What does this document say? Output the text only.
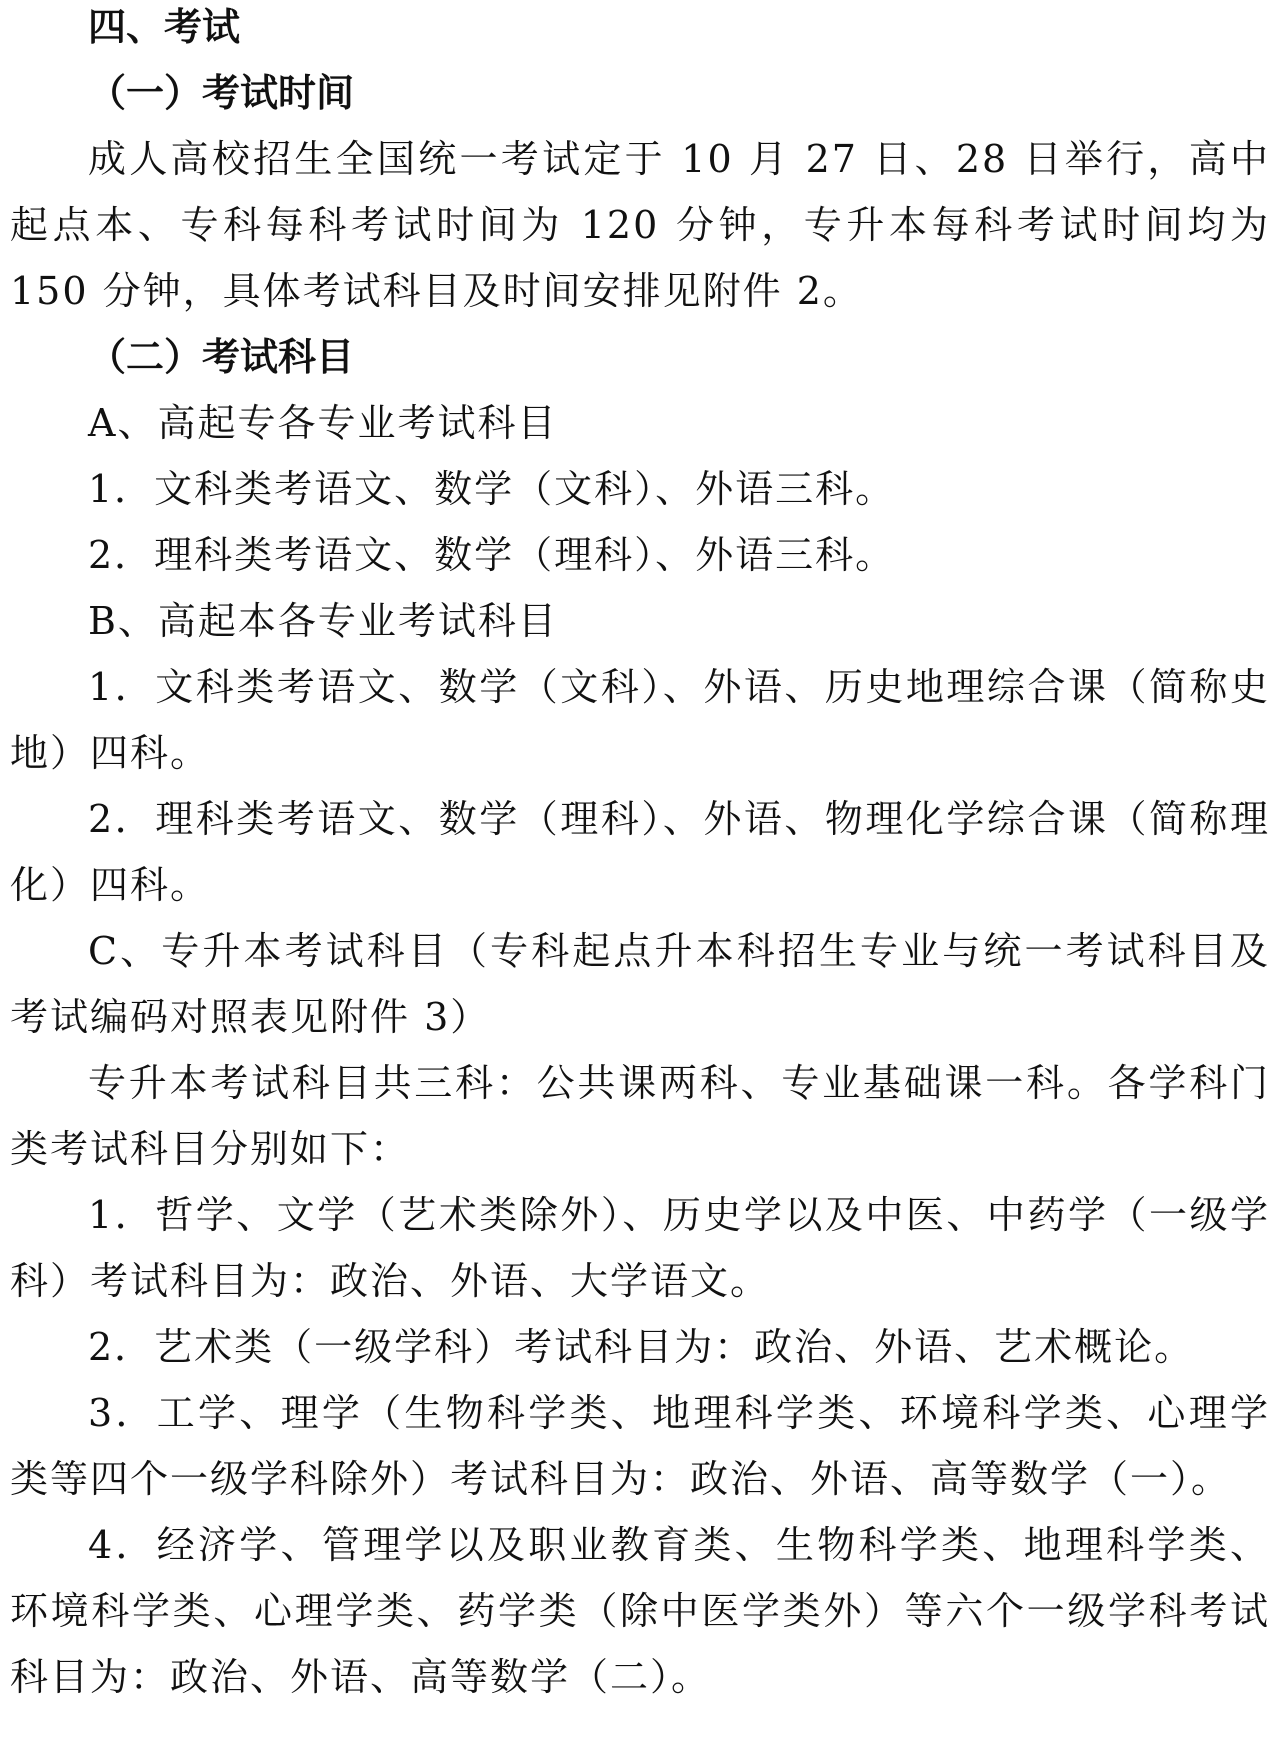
四、考试
（一）考试时间

成人高校招生全国统一考试定于 10 月 27 日、28 日举行，高中起点本、专科每科考试时间为 120 分钟，专升本每科考试时间均为 150 分钟，具体考试科目及时间安排见附件 2。

（二）考试科目

A、高起专各专业考试科目

1．文科类考语文、数学（文科）、外语三科。

2．理科类考语文、数学（理科）、外语三科。

B、高起本各专业考试科目

1．文科类考语文、数学（文科）、外语、历史地理综合课（简称史地）四科。

2．理科类考语文、数学（理科）、外语、物理化学综合课（简称理化）四科。

C、专升本考试科目（专科起点升本科招生专业与统一考试科目及考试编码对照表见附件 3）

专升本考试科目共三科：公共课两科、专业基础课一科。各学科门类考试科目分别如下：

1．哲学、文学（艺术类除外）、历史学以及中医、中药学（一级学科）考试科目为：政治、外语、大学语文。

2．艺术类（一级学科）考试科目为：政治、外语、艺术概论。

3．工学、理学（生物科学类、地理科学类、环境科学类、心理学类等四个一级学科除外）考试科目为：政治、外语、高等数学（一）。

4．经济学、管理学以及职业教育类、生物科学类、地理科学类、环境科学类、心理学类、药学类（除中医学类外）等六个一级学科考试科目为：政治、外语、高等数学（二）。
